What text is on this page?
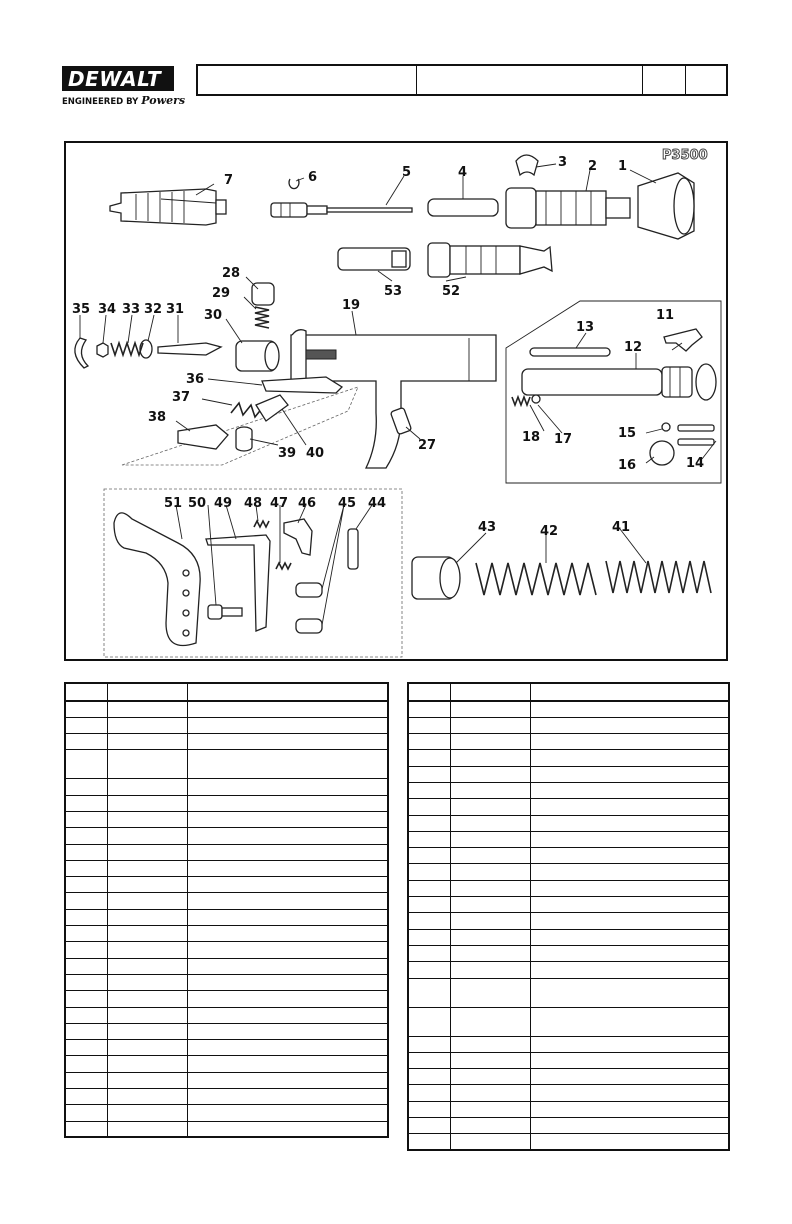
DEWALT
ENGINEERED BY Powers
P3500
7	6	5	4
3 2 1
53	52
28
29
30
31
32
33
34
35	19
36
37
38
39 40
27
13
11
12
18 17	15
16	14
51 50 49 48 47 46 45 44
43	42	41
